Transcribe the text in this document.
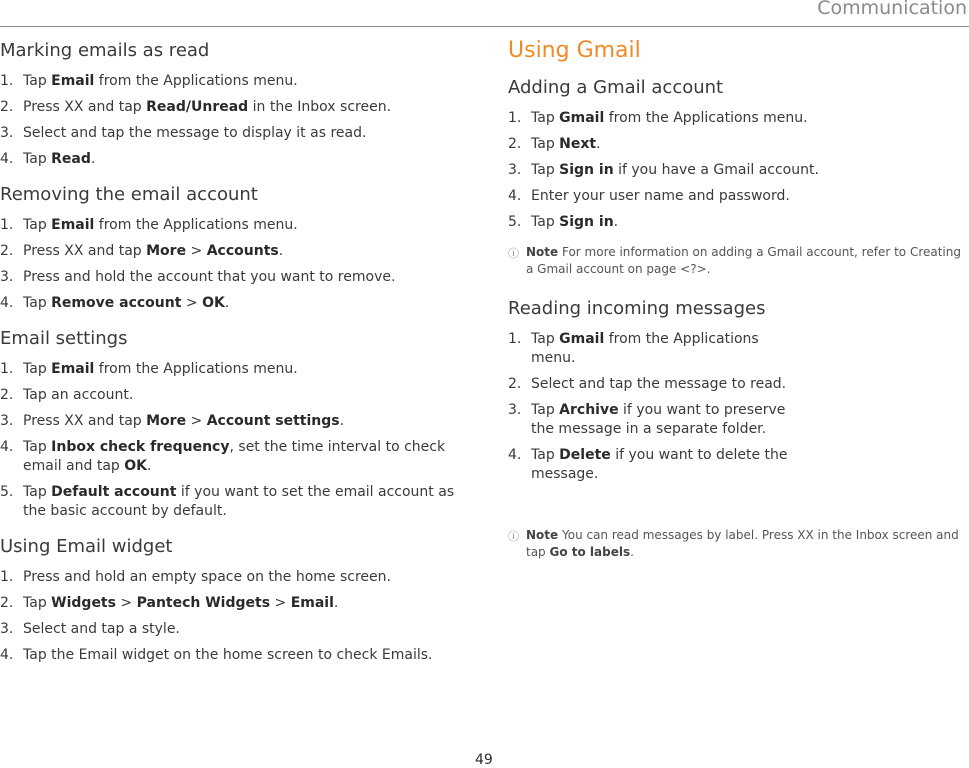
Communication
Marking emails as read
1. Tap Email from the Applications menu.
2. Press XX and tap Read/Unread in the Inbox screen.
3. Select and tap the message to display it as read.
4. Tap Read.
Removing the email account
1. Tap Email from the Applications menu.
2. Press XX and tap More > Accounts.
3. Press and hold the account that you want to remove.
4. Tap Remove account > OK.
Email settings
1. Tap Email from the Applications menu.
2. Tap an account.
3. Press XX and tap More > Account settings.
4. Tap Inbox check frequency, set the time interval to check email and tap OK.
5. Tap Default account if you want to set the email account as the basic account by default.
Using Email widget
1. Press and hold an empty space on the home screen.
2. Tap Widgets > Pantech Widgets > Email.
3. Select and tap a style.
4. Tap the Email widget on the home screen to check Emails.
Using Gmail
Adding a Gmail account
1. Tap Gmail from the Applications menu.
2. Tap Next.
3. Tap Sign in if you have a Gmail account.
4. Enter your user name and password.
5. Tap Sign in.
ⓘ Note For more information on adding a Gmail account, refer to Creating a Gmail account on page <?>.
Reading incoming messages
1. Tap Gmail from the Applications menu.
2. Select and tap the message to read.
3. Tap Archive if you want to preserve the message in a separate folder.
4. Tap Delete if you want to delete the message.
ⓘ Note You can read messages by label. Press XX in the Inbox screen and tap Go to labels.
49
